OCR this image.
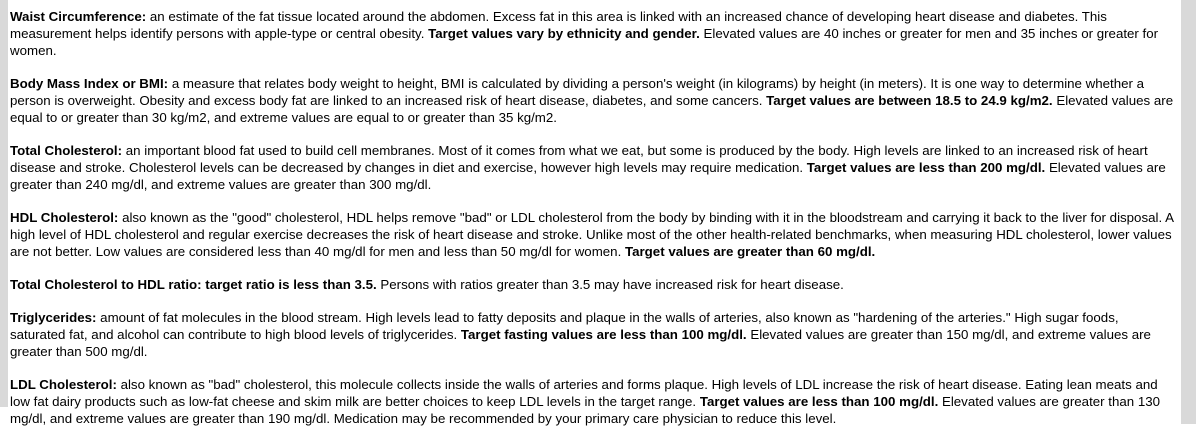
Waist Circumference: an estimate of the fat tissue located around the abdomen. Excess fat in this area is linked with an increased chance of developing heart disease and diabetes. This measurement helps identify persons with apple-type or central obesity. Target values vary by ethnicity and gender. Elevated values are 40 inches or greater for men and 35 inches or greater for women.

Body Mass Index or BMI: a measure that relates body weight to height, BMI is calculated by dividing a person's weight (in kilograms) by height (in meters). It is one way to determine whether a person is overweight. Obesity and excess body fat are linked to an increased risk of heart disease, diabetes, and some cancers. Target values are between 18.5 to 24.9 kg/m2. Elevated values are equal to or greater than 30 kg/m2, and extreme values are equal to or greater than 35 kg/m2.

Total Cholesterol: an important blood fat used to build cell membranes. Most of it comes from what we eat, but some is produced by the body. High levels are linked to an increased risk of heart disease and stroke. Cholesterol levels can be decreased by changes in diet and exercise, however high levels may require medication. Target values are less than 200 mg/dl. Elevated values are greater than 240 mg/dl, and extreme values are greater than 300 mg/dl.

HDL Cholesterol: also known as the "good" cholesterol, HDL helps remove "bad" or LDL cholesterol from the body by binding with it in the bloodstream and carrying it back to the liver for disposal. A high level of HDL cholesterol and regular exercise decreases the risk of heart disease and stroke. Unlike most of the other health-related benchmarks, when measuring HDL cholesterol, lower values are not better. Low values are considered less than 40 mg/dl for men and less than 50 mg/dl for women. Target values are greater than 60 mg/dl.

Total Cholesterol to HDL ratio: target ratio is less than 3.5. Persons with ratios greater than 3.5 may have increased risk for heart disease.

Triglycerides: amount of fat molecules in the blood stream. High levels lead to fatty deposits and plaque in the walls of arteries, also known as "hardening of the arteries." High sugar foods, saturated fat, and alcohol can contribute to high blood levels of triglycerides. Target fasting values are less than 100 mg/dl. Elevated values are greater than 150 mg/dl, and extreme values are greater than 500 mg/dl.

LDL Cholesterol: also known as "bad" cholesterol, this molecule collects inside the walls of arteries and forms plaque. High levels of LDL increase the risk of heart disease. Eating lean meats and low fat dairy products such as low-fat cheese and skim milk are better choices to keep LDL levels in the target range. Target values are less than 100 mg/dl. Elevated values are greater than 130 mg/dl, and extreme values are greater than 190 mg/dl. Medication may be recommended by your primary care physician to reduce this level.
